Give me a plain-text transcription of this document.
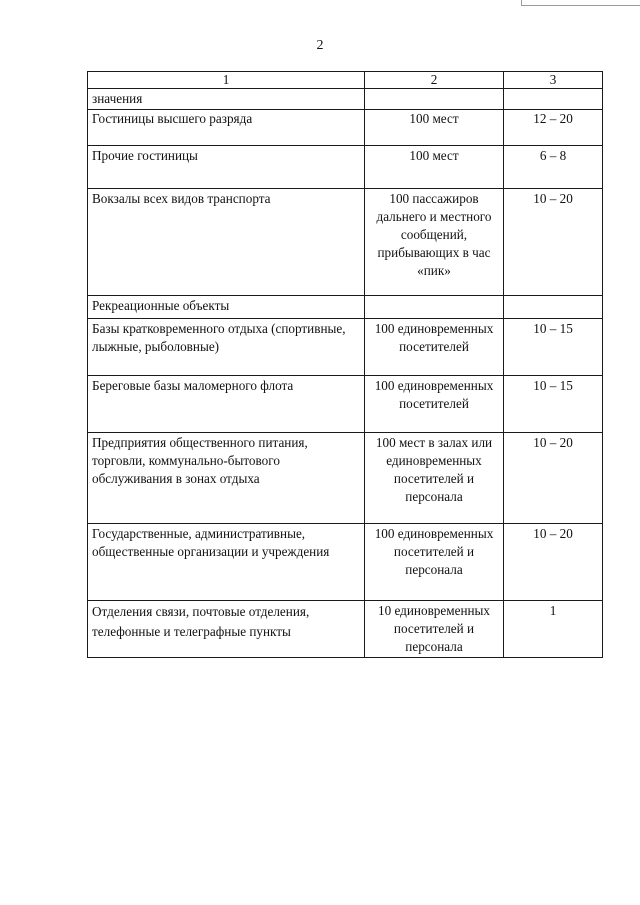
2
1	2	3
значения		
Гостиницы высшего разряда	100 мест	12 – 20
Прочие гостиницы	100 мест	6 – 8
Вокзалы всех видов транспорта	100 пассажиров дальнего и местного сообщений, прибывающих в час «пик»	10 – 20
Рекреационные объекты		
Базы кратковременного отдыха (спортивные, лыжные, рыболовные)	100 единовременных посетителей	10 – 15
Береговые базы маломерного флота	100 единовременных посетителей	10 – 15
Предприятия общественного питания, торговли, коммунально-бытового обслуживания в зонах отдыха	100 мест в залах или единовременных посетителей и персонала	10 – 20
Государственные, административные, общественные организации и учреждения	100 единовременных посетителей и персонала	10 – 20
Отделения связи, почтовые отделения, телефонные и телеграфные пункты	10 единовременных посетителей и персонала	1
